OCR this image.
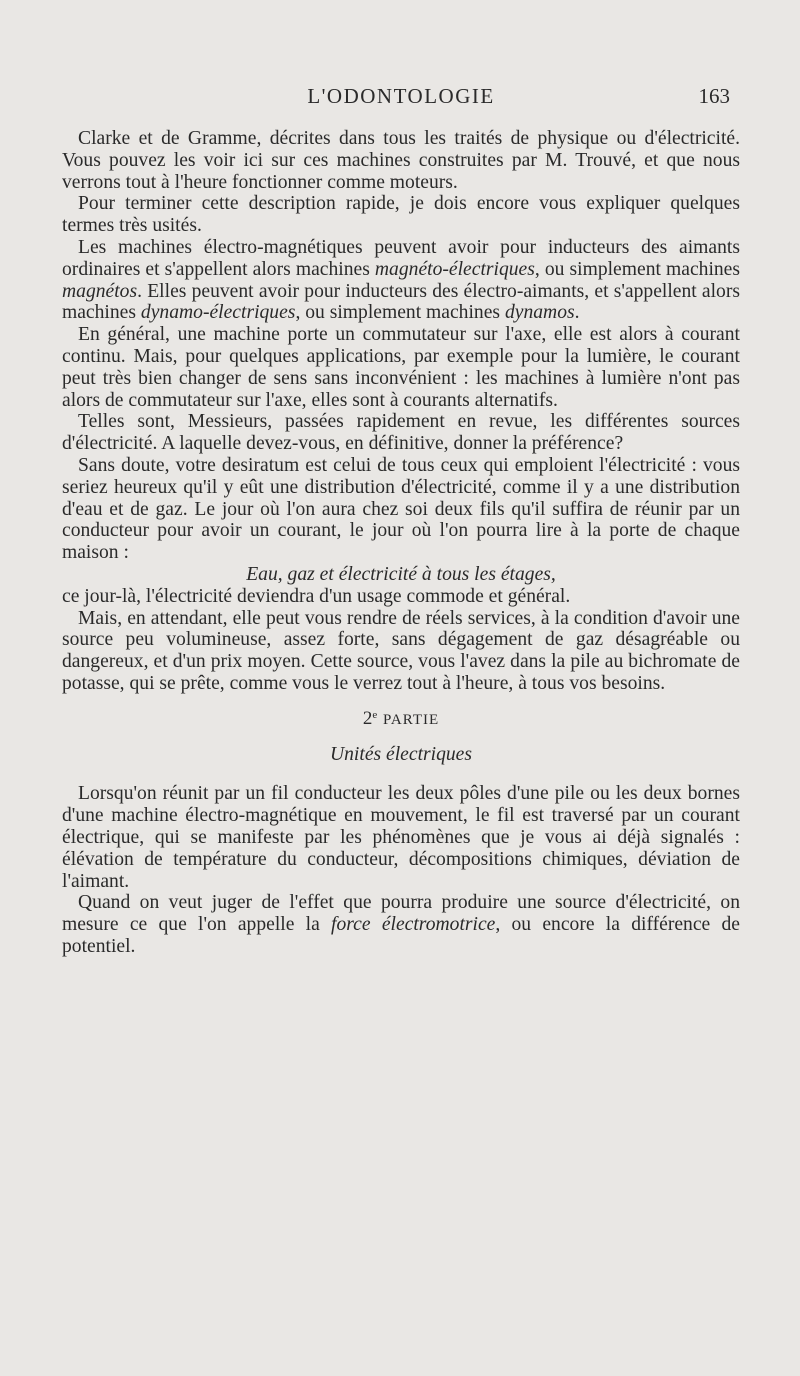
L'ODONTOLOGIE	163

Clarke et de Gramme, décrites dans tous les traités de physique ou d'électricité. Vous pouvez les voir ici sur ces machines construites par M. Trouvé, et que nous verrons tout à l'heure fonctionner comme moteurs.

Pour terminer cette description rapide, je dois encore vous expliquer quelques termes très usités.

Les machines électro-magnétiques peuvent avoir pour inducteurs des aimants ordinaires et s'appellent alors machines magnéto-électriques, ou simplement machines magnétos. Elles peuvent avoir pour inducteurs des électro-aimants, et s'appellent alors machines dynamo-électriques, ou simplement machines dynamos.

En général, une machine porte un commutateur sur l'axe, elle est alors à courant continu. Mais, pour quelques applications, par exemple pour la lumière, le courant peut très bien changer de sens sans inconvénient : les machines à lumière n'ont pas alors de commutateur sur l'axe, elles sont à courants alternatifs.

Telles sont, Messieurs, passées rapidement en revue, les différentes sources d'électricité. A laquelle devez-vous, en définitive, donner la préférence?

Sans doute, votre desiratum est celui de tous ceux qui emploient l'électricité : vous seriez heureux qu'il y eût une distribution d'électricité, comme il y a une distribution d'eau et de gaz. Le jour où l'on aura chez soi deux fils qu'il suffira de réunir par un conducteur pour avoir un courant, le jour où l'on pourra lire à la porte de chaque maison :

Eau, gaz et électricité à tous les étages,

ce jour-là, l'électricité deviendra d'un usage commode et général.

Mais, en attendant, elle peut vous rendre de réels services, à la condition d'avoir une source peu volumineuse, assez forte, sans dégagement de gaz désagréable ou dangereux, et d'un prix moyen. Cette source, vous l'avez dans la pile au bichromate de potasse, qui se prête, comme vous le verrez tout à l'heure, à tous vos besoins.

2e PARTIE

Unités électriques

Lorsqu'on réunit par un fil conducteur les deux pôles d'une pile ou les deux bornes d'une machine électro-magnétique en mouvement, le fil est traversé par un courant électrique, qui se manifeste par les phénomènes que je vous ai déjà signalés : élévation de température du conducteur, décompositions chimiques, déviation de l'aimant.

Quand on veut juger de l'effet que pourra produire une source d'électricité, on mesure ce que l'on appelle la force électromotrice, ou encore la différence de potentiel.
